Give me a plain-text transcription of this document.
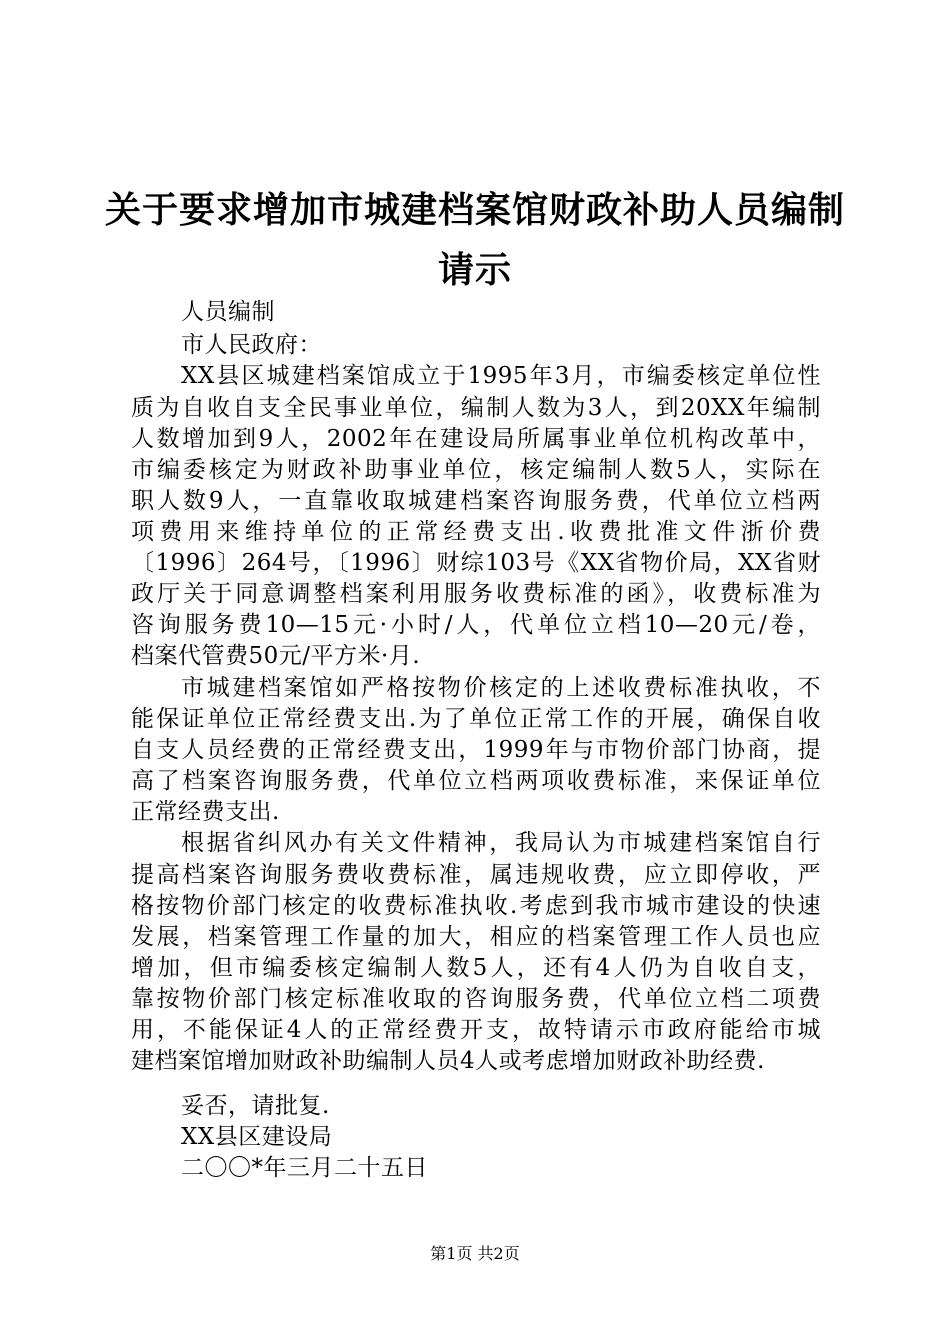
关于要求增加市城建档案馆财政补助人员编制
请示
人员编制
市人民政府：
XX县区城建档案馆成立于1995年3月，市编委核定单位性
质为自收自支全民事业单位，编制人数为3人，到20XX年编制
人数增加到9人，2002年在建设局所属事业单位机构改革中，
市编委核定为财政补助事业单位，核定编制人数5人，实际在
职人数9人，一直靠收取城建档案咨询服务费，代单位立档两
项费用来维持单位的正常经费支出.收费批准文件浙价费
〔1996〕264号，〔1996〕财综103号《XX省物价局，XX省财
政厅关于同意调整档案利用服务收费标准的函》，收费标准为
咨询服务费10—15元·小时/人，代单位立档10—20元/卷，
档案代管费50元/平方米·月.
市城建档案馆如严格按物价核定的上述收费标准执收，不
能保证单位正常经费支出.为了单位正常工作的开展，确保自收
自支人员经费的正常经费支出，1999年与市物价部门协商，提
高了档案咨询服务费，代单位立档两项收费标准，来保证单位
正常经费支出.
根据省纠风办有关文件精神，我局认为市城建档案馆自行
提高档案咨询服务费收费标准，属违规收费，应立即停收，严
格按物价部门核定的收费标准执收.考虑到我市城市建设的快速
发展，档案管理工作量的加大，相应的档案管理工作人员也应
增加，但市编委核定编制人数5人，还有4人仍为自收自支，
靠按物价部门核定标准收取的咨询服务费，代单位立档二项费
用，不能保证4人的正常经费开支，故特请示市政府能给市城
建档案馆增加财政补助编制人员4人或考虑增加财政补助经费.
妥否，请批复.
XX县区建设局
二〇〇*年三月二十五日
第1页 共2页
